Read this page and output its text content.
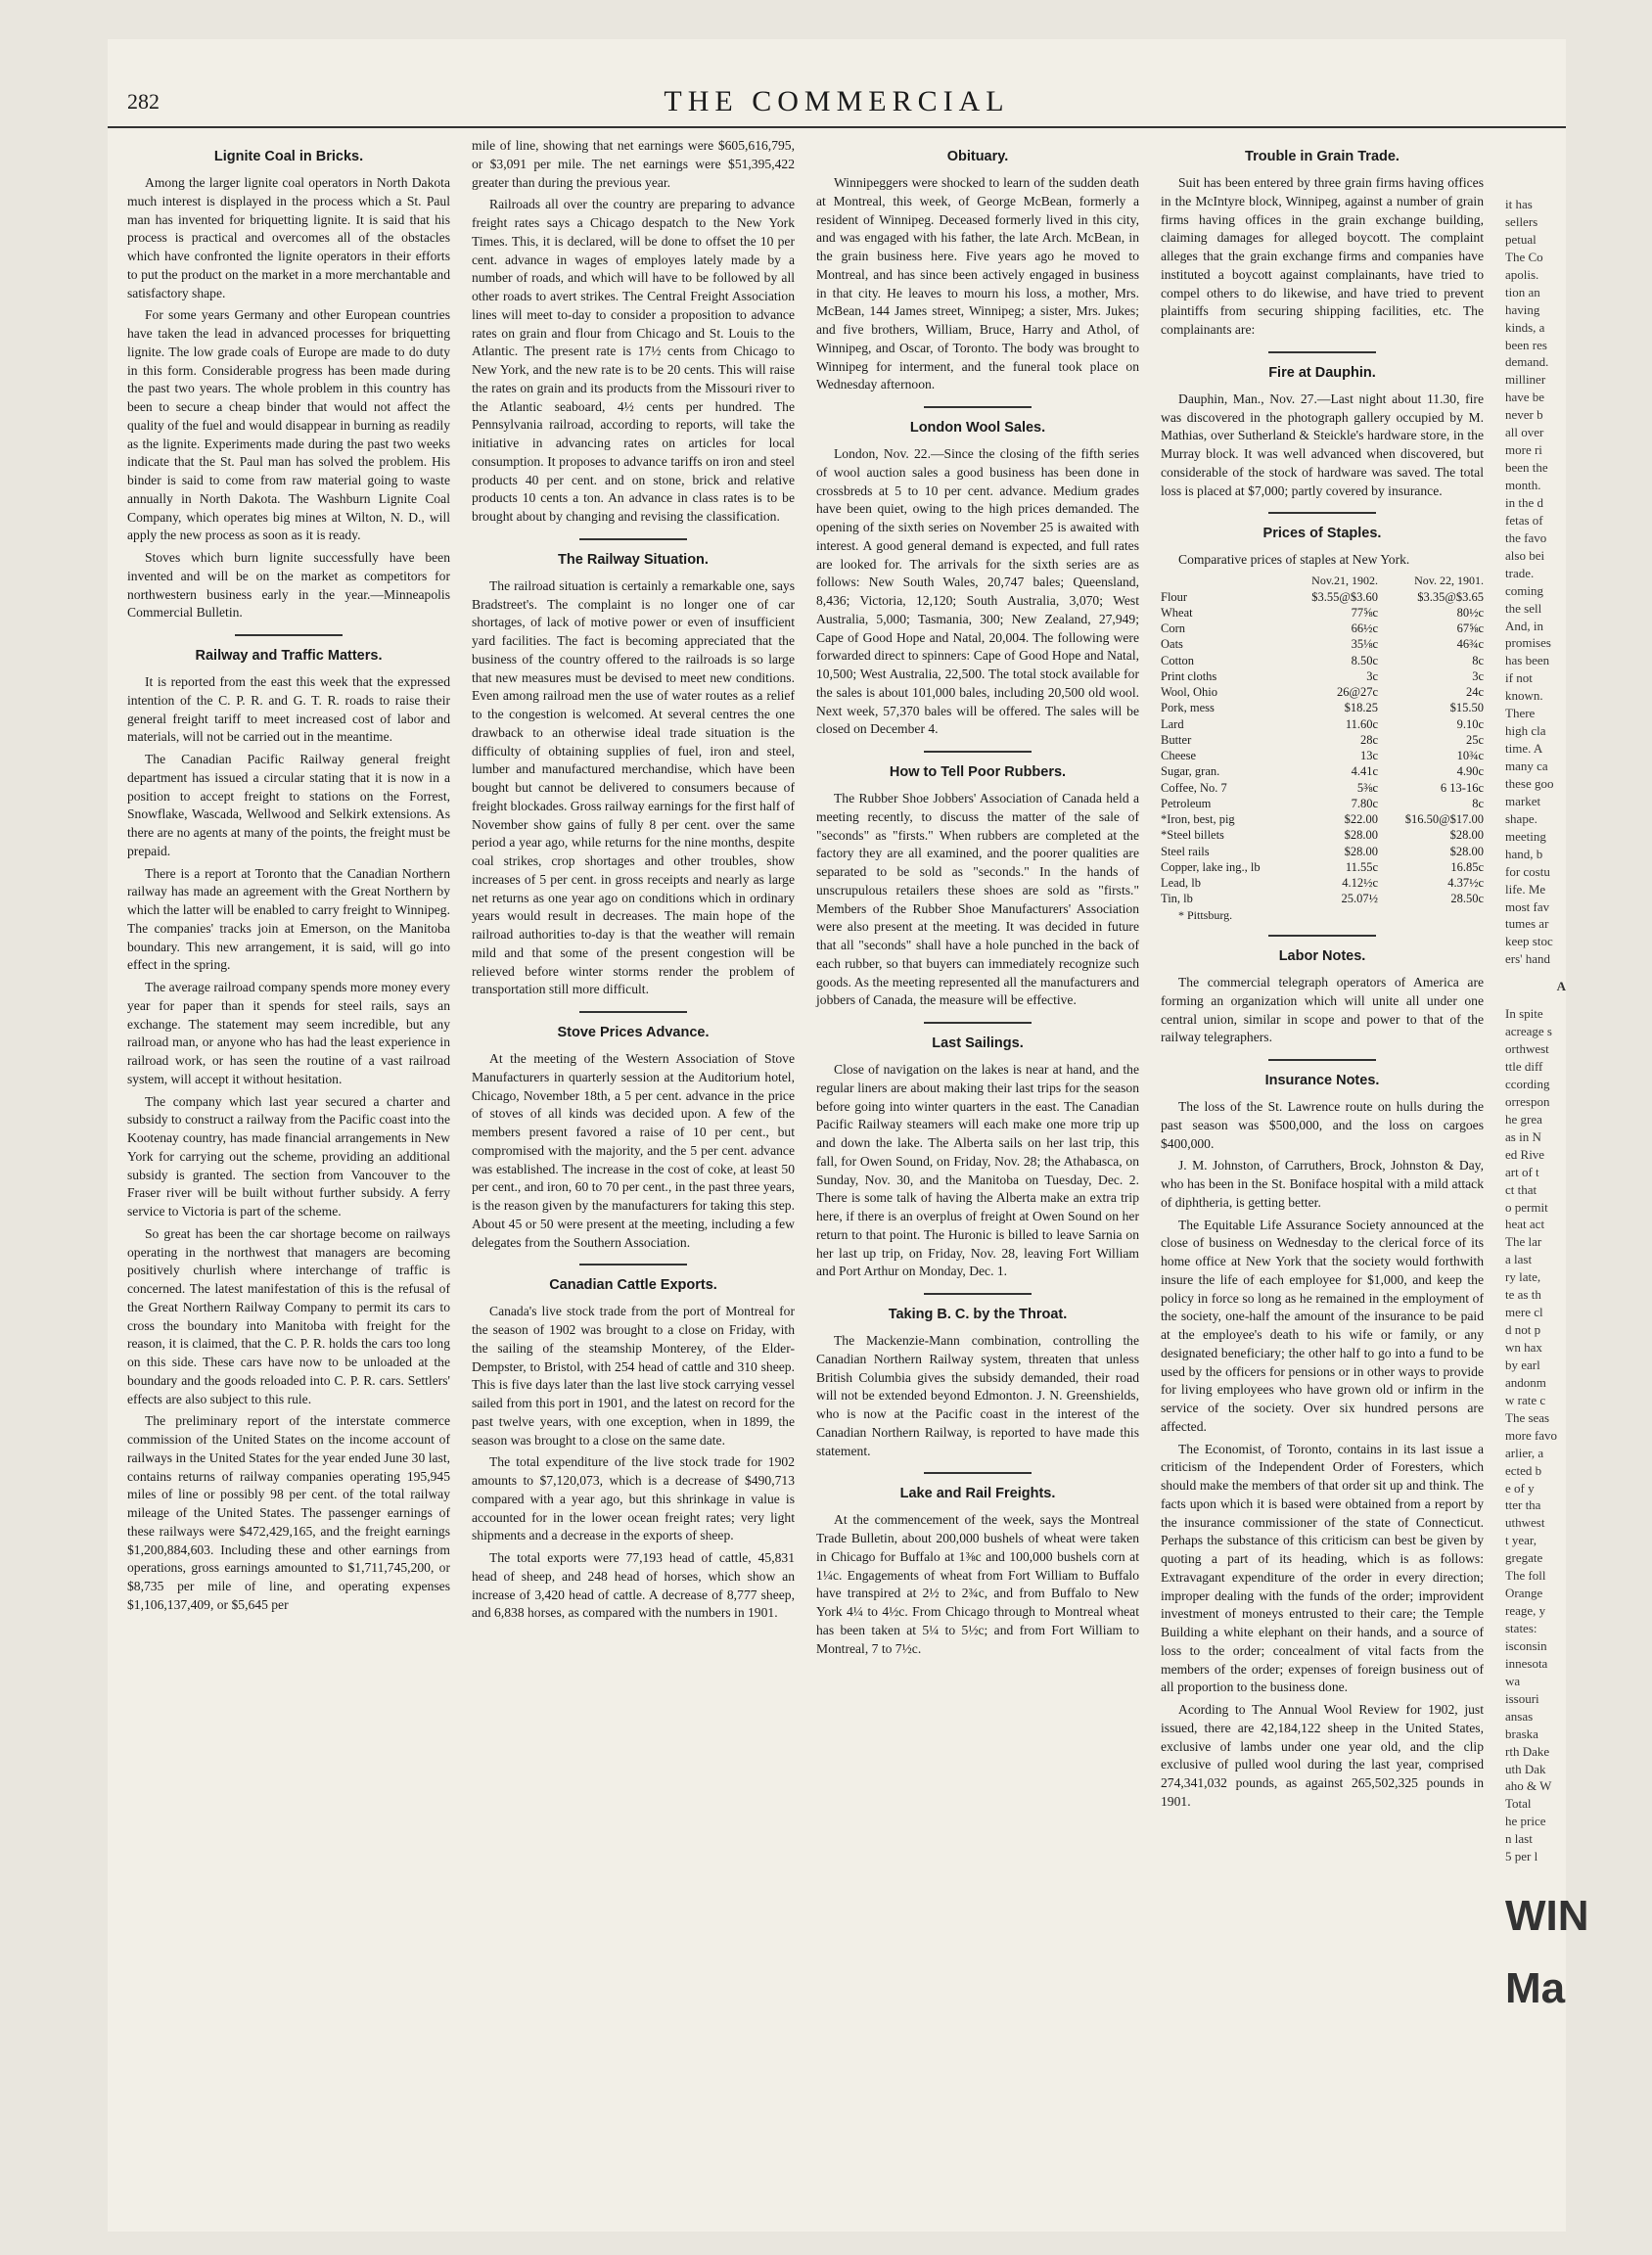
282	THE COMMERCIAL
Lignite Coal in Bricks.

Among the larger lignite coal operators in North Dakota much interest is displayed in the process which a St. Paul man has invented for briquetting lignite. It is said that his process is practical and overcomes all of the obstacles which have confronted the lignite operators in their efforts to put the product on the market in a more merchantable and satisfactory shape.

For some years Germany and other European countries have taken the lead in advanced processes for briquetting lignite. The low grade coals of Europe are made to do duty in this form. Considerable progress has been made during the past two years. The whole problem in this country has been to secure a cheap binder that would not affect the quality of the fuel and would disappear in burning as readily as the lignite. Experiments made during the past two weeks indicate that the St. Paul man has solved the problem. His binder is said to come from raw material going to waste annually in North Dakota. The Washburn Lignite Coal Company, which operates big mines at Wilton, N. D., will apply the new process as soon as it is ready.

Stoves which burn lignite successfully have been invented and will be on the market as competitors for northwestern business early in the year.—Minneapolis Commercial Bulletin.

Railway and Traffic Matters.

It is reported from the east this week that the expressed intention of the C. P. R. and G. T. R. roads to raise their general freight tariff to meet increased cost of labor and materials, will not be carried out in the meantime.

The Canadian Pacific Railway general freight department has issued a circular stating that it is now in a position to accept freight to stations on the Forrest, Snowflake, Wascada, Wellwood and Selkirk extensions. As there are no agents at many of the points, the freight must be prepaid.

There is a report at Toronto that the Canadian Northern railway has made an agreement with the Great Northern by which the latter will be enabled to carry freight to Winnipeg. The companies' tracks join at Emerson, on the Manitoba boundary. This new arrangement, it is said, will go into effect in the spring.

The average railroad company spends more money every year for paper than it spends for steel rails, says an exchange. The statement may seem incredible, but any railroad man, or anyone who has had the least experience in railroad work, or has seen the routine of a vast railroad system, will accept it without hesitation.

The company which last year secured a charter and subsidy to construct a railway from the Pacific coast into the Kootenay country, has made financial arrangements in New York for carrying out the scheme, providing an additional subsidy is granted. The section from Vancouver to the Fraser river will be built without further subsidy. A ferry service to Victoria is part of the scheme.

So great has been the car shortage become on railways operating in the northwest that managers are becoming positively churlish where interchange of traffic is concerned. The latest manifestation of this is the refusal of the Great Northern Railway Company to permit its cars to cross the boundary into Manitoba with freight for the reason, it is claimed, that the C. P. R. holds the cars too long on this side. These cars have now to be unloaded at the boundary and the goods reloaded into C. P. R. cars. Settlers' effects are also subject to this rule.

The preliminary report of the interstate commerce commission of the United States on the income account of railways in the United States for the year ended June 30 last, contains returns of railway companies operating 195,945 miles of line or possibly 98 per cent. of the total railway mileage of the United States. The passenger earnings of these railways were $472,429,165, and the freight earnings $1,200,884,603. Including these and other earnings from operations, gross earnings amounted to $1,711,745,200, or $8,735 per mile of line, and operating expenses $1,106,137,409, or $5,645 per

mile of line, showing that net earnings were $605,616,795, or $3,091 per mile. The net earnings were $51,395,422 greater than during the previous year.

Railroads all over the country are preparing to advance freight rates says a Chicago despatch to the New York Times. This, it is declared, will be done to offset the 10 per cent. advance in wages of employes lately made by a number of roads, and which will have to be followed by all other roads to avert strikes. The Central Freight Association lines will meet to-day to consider a proposition to advance rates on grain and flour from Chicago and St. Louis to the Atlantic. The present rate is 17½ cents from Chicago to New York, and the new rate is to be 20 cents. This will raise the rates on grain and its products from the Missouri river to the Atlantic seaboard, 4½ cents per hundred. The Pennsylvania railroad, according to reports, will take the initiative in advancing rates on articles for local consumption. It proposes to advance tariffs on iron and steel products 40 per cent. and on stone, brick and relative products 10 cents a ton. An advance in class rates is to be brought about by changing and revising the classification.

The Railway Situation.

The railroad situation is certainly a remarkable one, says Bradstreet's. The complaint is no longer one of car shortages, of lack of motive power or even of insufficient yard facilities. The fact is becoming appreciated that the business of the country offered to the railroads is so large that new measures must be devised to meet new conditions. Even among railroad men the use of water routes as a relief to the congestion is welcomed. At several centres the one drawback to an otherwise ideal trade situation is the difficulty of obtaining supplies of fuel, iron and steel, lumber and manufactured merchandise, which have been bought but cannot be delivered to consumers because of freight blockades. Gross railway earnings for the first half of November show gains of fully 8 per cent. over the same period a year ago, while returns for the nine months, despite coal strikes, crop shortages and other troubles, show increases of 5 per cent. in gross receipts and nearly as large net returns as one year ago on conditions which in ordinary years would result in decreases. The main hope of the railroad authorities to-day is that the weather will remain mild and that some of the present congestion will be relieved before winter storms render the problem of transportation still more difficult.

Stove Prices Advance.

At the meeting of the Western Association of Stove Manufacturers in quarterly session at the Auditorium hotel, Chicago, November 18th, a 5 per cent. advance in the price of stoves of all kinds was decided upon. A few of the members present favored a raise of 10 per cent., but compromised with the majority, and the 5 per cent. advance was established. The increase in the cost of coke, at least 50 per cent., and iron, 60 to 70 per cent., in the past three years, is the reason given by the manufacturers for taking this step. About 45 or 50 were present at the meeting, including a few delegates from the Southern Association.

Canadian Cattle Exports.

Canada's live stock trade from the port of Montreal for the season of 1902 was brought to a close on Friday, with the sailing of the steamship Monterey, of the Elder-Dempster, to Bristol, with 254 head of cattle and 310 sheep. This is five days later than the last live stock carrying vessel sailed from this port in 1901, and the latest on record for the past twelve years, with one exception, when in 1899, the season was brought to a close on the same date.

The total expenditure of the live stock trade for 1902 amounts to $7,120,073, which is a decrease of $490,713 compared with a year ago, but this shrinkage in value is accounted for in the lower ocean freight rates; very light shipments and a decrease in the exports of sheep.

The total exports were 77,193 head of cattle, 45,831 head of sheep, and 248 head of horses, which show an increase of 3,420 head of cattle. A decrease of 8,777 sheep, and 6,838 horses, as compared with the numbers in 1901.

Obituary.

Winnipeggers were shocked to learn of the sudden death at Montreal, this week, of George McBean, formerly a resident of Winnipeg. Deceased formerly lived in this city, and was engaged with his father, the late Arch. McBean, in the grain business here. Five years ago he moved to Montreal, and has since been actively engaged in business in that city. He leaves to mourn his loss, a mother, Mrs. McBean, 144 James street, Winnipeg; a sister, Mrs. Jukes; and five brothers, William, Bruce, Harry and Athol, of Winnipeg, and Oscar, of Toronto. The body was brought to Winnipeg for interment, and the funeral took place on Wednesday afternoon.

London Wool Sales.

London, Nov. 22.—Since the closing of the fifth series of wool auction sales a good business has been done in crossbreds at 5 to 10 per cent. advance. Medium grades have been quiet, owing to the high prices demanded. The opening of the sixth series on November 25 is awaited with interest. A good general demand is expected, and full rates are looked for. The arrivals for the sixth series are as follows: New South Wales, 20,747 bales; Queensland, 8,436; Victoria, 12,120; South Australia, 3,070; West Australia, 5,000; Tasmania, 300; New Zealand, 27,949; Cape of Good Hope and Natal, 20,004. The following were forwarded direct to spinners: Cape of Good Hope and Natal, 10,500; West Australia, 22,500. The total stock available for the sales is about 101,000 bales, including 20,500 old wool. Next week, 57,370 bales will be offered. The sales will be closed on December 4.

How to Tell Poor Rubbers.

The Rubber Shoe Jobbers' Association of Canada held a meeting recently, to discuss the matter of the sale of "seconds" as "firsts." When rubbers are completed at the factory they are all examined, and the poorer qualities are separated to be sold as "seconds." In the hands of unscrupulous retailers these shoes are sold as "firsts." Members of the Rubber Shoe Manufacturers' Association were also present at the meeting. It was decided in future that all "seconds" shall have a hole punched in the back of each rubber, so that buyers can immediately recognize such goods. As the meeting represented all the manufacturers and jobbers of Canada, the measure will be effective.

Last Sailings.

Close of navigation on the lakes is near at hand, and the regular liners are about making their last trips for the season before going into winter quarters in the east. The Canadian Pacific Railway steamers will each make one more trip up and down the lake. The Alberta sails on her last trip, this fall, for Owen Sound, on Friday, Nov. 28; the Athabasca, on Sunday, Nov. 30, and the Manitoba on Tuesday, Dec. 2. There is some talk of having the Alberta make an extra trip here, if there is an overplus of freight at Owen Sound on her return to that point. The Huronic is billed to leave Sarnia on her last up trip, on Friday, Nov. 28, leaving Fort William and Port Arthur on Monday, Dec. 1.

Taking B. C. by the Throat.

The Mackenzie-Mann combination, controlling the Canadian Northern Railway system, threaten that unless British Columbia gives the subsidy demanded, their road will not be extended beyond Edmonton. J. N. Greenshields, who is now at the Pacific coast in the interest of the Canadian Northern Railway, is reported to have made this statement.

Lake and Rail Freights.

At the commencement of the week, says the Montreal Trade Bulletin, about 200,000 bushels of wheat were taken in Chicago for Buffalo at 1⅜c and 100,000 bushels corn at 1¼c. Engagements of wheat from Fort William to Buffalo have transpired at 2½ to 2¾c, and from Buffalo to New York 4¼ to 4½c. From Chicago through to Montreal wheat has been taken at 5¼ to 5½c; and from Fort William to Montreal, 7 to 7½c.

Trouble in Grain Trade.

Suit has been entered by three grain firms having offices in the McIntyre block, Winnipeg, against a number of grain firms having offices in the grain exchange building, claiming damages for alleged boycott. The complaint alleges that the grain exchange firms and companies have instituted a boycott against complainants, have tried to compel others to do likewise, and have tried to prevent plaintiffs from securing shipping facilities, etc. The complainants are:

Fire at Dauphin.

Dauphin, Man., Nov. 27.—Last night about 11.30, fire was discovered in the photograph gallery occupied by M. Mathias, over Sutherland & Steickle's hardware store, in the Murray block. It was well advanced when discovered, but considerable of the stock of hardware was saved. The total loss is placed at $7,000; partly covered by insurance.

Prices of Staples.

Comparative prices of staples at New York.

	Nov.21, 1902.	Nov. 22, 1901.
Flour	$3.55@$3.60	$3.35@$3.65
Wheat	77⅝c	80½c
Corn	66½c	67⅝c
Oats	35⅛c	46¾c
Cotton	8.50c	8c
Print cloths	3c	3c
Wool, Ohio	26@27c	24c
Pork, mess	$18.25	$15.50
Lard	11.60c	9.10c
Butter	28c	25c
Cheese	13c	10¾c
Sugar, gran.	4.41c	4.90c
Coffee, No. 7	5⅜c	6 13-16c
Petroleum	7.80c	8c
*Iron, best, pig	$22.00	$16.50@$17.00
*Steel billets	$28.00	$28.00
Steel rails	$28.00	$28.00
Copper, lake ing., lb	11.55c	16.85c
Lead, lb	4.12½c	4.37½c
Tin, lb	25.07½	28.50c

* Pittsburg.

Labor Notes.

The commercial telegraph operators of America are forming an organization which will unite all under one central union, similar in scope and power to that of the railway telegraphers.

Insurance Notes.

The loss of the St. Lawrence route on hulls during the past season was $500,000, and the loss on cargoes $400,000.

J. M. Johnston, of Carruthers, Brock, Johnston & Day, who has been in the St. Boniface hospital with a mild attack of diphtheria, is getting better.

The Equitable Life Assurance Society announced at the close of business on Wednesday to the clerical force of its home office at New York that the society would forthwith insure the life of each employee for $1,000, and keep the policy in force so long as he remained in the employment of the society, one-half the amount of the insurance to be paid at the employee's death to his wife or family, or any designated beneficiary; the other half to go into a fund to be used by the officers for pensions or in other ways to provide for living employees who have grown old or infirm in the service of the society. Over six hundred persons are affected.

The Economist, of Toronto, contains in its last issue a criticism of the Independent Order of Foresters, which should make the members of that order sit up and think. The facts upon which it is based were obtained from a report by the insurance commissioner of the state of Connecticut. Perhaps the substance of this criticism can best be given by quoting a part of its heading, which is as follows: Extravagant expenditure of the order in every direction; improper dealing with the funds of the order; improvident investment of moneys entrusted to their care; the Temple Building a white elephant on their hands, and a source of loss to the order; concealment of vital facts from the members of the order; expenses of foreign business out of all proportion to the business done.

Acording to The Annual Wool Review for 1902, just issued, there are 42,184,122 sheep in the United States, exclusive of lambs under one year old, and the clip exclusive of pulled wool during the last year, comprised 274,341,032 pounds, as against 265,502,325 pounds in 1901.

it has
sellers
petual
The Co
apolis.
tion an
having
kinds, a
been res
demand.
milliner
have be
never b
all over
more ri
been the
month.
in the d
fetas of
the favo
also bei
trade.
coming
the sell
And, in
promises
has been
if not
known.
There
high cla
time. A
many ca
these goo
market
shape.
meeting
hand, b
for costu
life. Me
most fav
tumes ar
keep stoc
ers' hand
A
In spite
acreage s
orthwest
ttle diff
ccording
orrespon
he grea
as in N
ed Rive
art of t
ct that
o permit
heat act
The lar
a last
ry late,
te as th
mere cl
d not p
wn hax
by earl
andonm
w rate c
The seas
more favo
arlier, a
ected b
e of y
tter tha
uthwest
t year,
gregate
The foll
Orange
reage, y
states:
isconsin
innesota
wa
issouri
ansas
braska
rth Dake
uth Dak
aho & W
Total
he price
n last
5 per l
WIN
Ma
